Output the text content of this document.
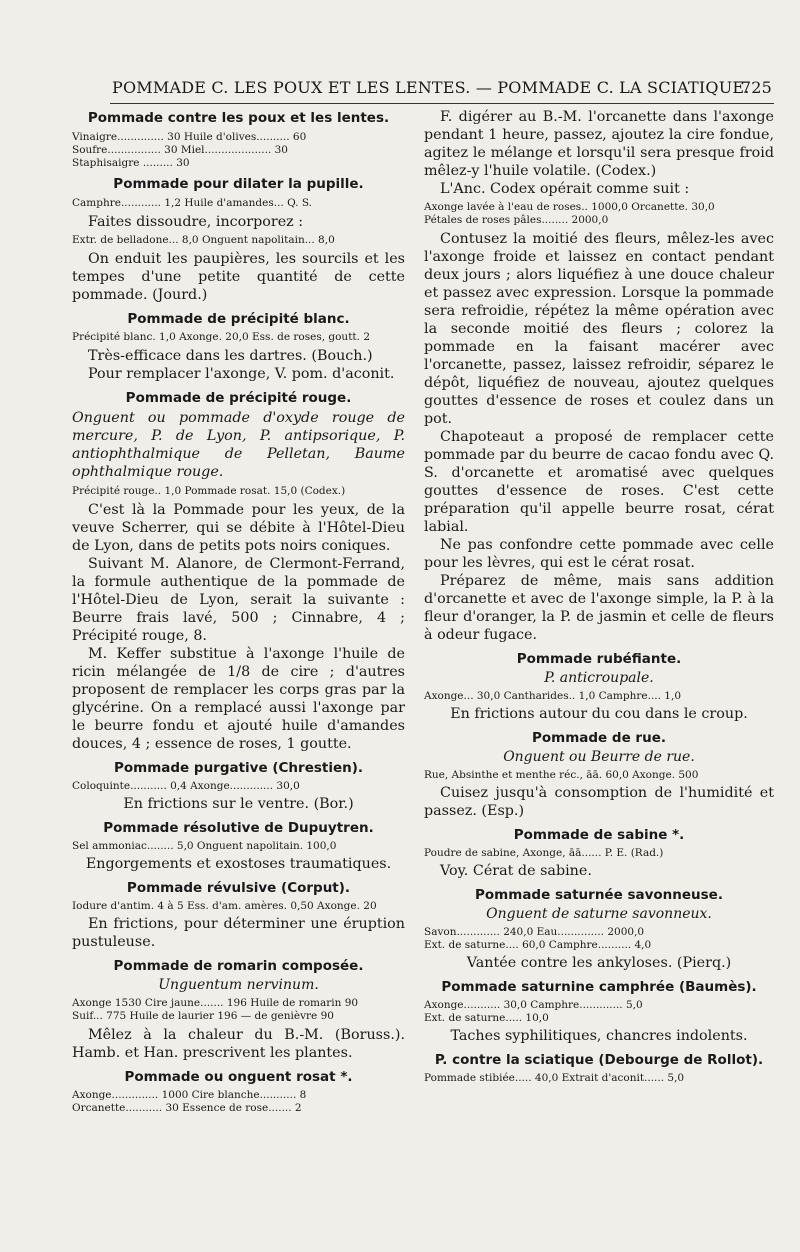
POMMADE C. LES POUX ET LES LENTES. — POMMADE C. LA SCIATIQUE.
725

Pommade contre les poux et les lentes.

Vinaigre.............. 30 Huile d'olives.......... 60

Soufre................ 30 Miel.................... 30

Staphisaigre ......... 30

Pommade pour dilater la pupille.

Camphre............ 1,2 Huile d'amandes... Q. S.

Faites dissoudre, incorporez :

Extr. de belladone... 8,0 Onguent napolitain... 8,0

On enduit les paupières, les sourcils et les tempes d'une petite quantité de cette pommade. (Jourd.)

Pommade de précipité blanc.

Précipité blanc. 1,0 Axonge. 20,0 Ess. de roses, goutt. 2

Très-efficace dans les dartres. (Bouch.)

Pour remplacer l'axonge, V. pom. d'aconit.

Pommade de précipité rouge.

Onguent ou pommade d'oxyde rouge de mercure, P. de Lyon, P. antipsorique, P. antiophthalmique de Pelletan, Baume ophthalmique rouge.

Précipité rouge.. 1,0 Pommade rosat. 15,0 (Codex.)

C'est là la Pommade pour les yeux, de la veuve Scherrer, qui se débite à l'Hôtel-Dieu de Lyon, dans de petits pots noirs coniques.

Suivant M. Alanore, de Clermont-Ferrand, la formule authentique de la pommade de l'Hôtel-Dieu de Lyon, serait la suivante : Beurre frais lavé, 500 ; Cinnabre, 4 ; Précipité rouge, 8.

M. Keffer substitue à l'axonge l'huile de ricin mélangée de 1/8 de cire ; d'autres proposent de remplacer les corps gras par la glycérine. On a remplacé aussi l'axonge par le beurre fondu et ajouté huile d'amandes douces, 4 ; essence de roses, 1 goutte.

Pommade purgative (Chrestien).

Coloquinte........... 0,4 Axonge............. 30,0

En frictions sur le ventre. (Bor.)

Pommade résolutive de Dupuytren.

Sel ammoniac........ 5,0 Onguent napolitain. 100,0

Engorgements et exostoses traumatiques.

Pommade révulsive (Corput).

Iodure d'antim. 4 à 5 Ess. d'am. amères. 0,50 Axonge. 20

En frictions, pour déterminer une éruption pustuleuse.

Pommade de romarin composée.

Unguentum nervinum.

Axonge 1530 Cire jaune....... 196 Huile de romarin 90

Suif... 775 Huile de laurier 196 — de genièvre 90

Mêlez à la chaleur du B.-M. (Boruss.). Hamb. et Han. prescrivent les plantes.

Pommade ou onguent rosat *.

Axonge.............. 1000 Cire blanche........... 8

Orcanette........... 30 Essence de rose....... 2

F. digérer au B.-M. l'orcanette dans l'axonge pendant 1 heure, passez, ajoutez la cire fondue, agitez le mélange et lorsqu'il sera presque froid mêlez-y l'huile volatile. (Codex.)

L'Anc. Codex opérait comme suit :

Axonge lavée à l'eau de roses.. 1000,0 Orcanette. 30,0

Pétales de roses pâles........ 2000,0

Contusez la moitié des fleurs, mêlez-les avec l'axonge froide et laissez en contact pendant deux jours ; alors liquéfiez à une douce chaleur et passez avec expression. Lorsque la pommade sera refroidie, répétez la même opération avec la seconde moitié des fleurs ; colorez la pommade en la faisant macérer avec l'orcanette, passez, laissez refroidir, séparez le dépôt, liquéfiez de nouveau, ajoutez quelques gouttes d'essence de roses et coulez dans un pot.

Chapoteaut a proposé de remplacer cette pommade par du beurre de cacao fondu avec Q. S. d'orcanette et aromatisé avec quelques gouttes d'essence de roses. C'est cette préparation qu'il appelle beurre rosat, cérat labial.

Ne pas confondre cette pommade avec celle pour les lèvres, qui est le cérat rosat.

Préparez de même, mais sans addition d'orcanette et avec de l'axonge simple, la P. à la fleur d'oranger, la P. de jasmin et celle de fleurs à odeur fugace.

Pommade rubéfiante.

P. anticroupale.

Axonge... 30,0 Cantharides.. 1,0 Camphre.... 1,0

En frictions autour du cou dans le croup.

Pommade de rue.

Onguent ou Beurre de rue.

Rue, Absinthe et menthe réc., āā. 60,0 Axonge. 500

Cuisez jusqu'à consomption de l'humidité et passez. (Esp.)

Pommade de sabine *.

Poudre de sabine, Axonge, āā...... P. E. (Rad.)

Voy. Cérat de sabine.

Pommade saturnée savonneuse.

Onguent de saturne savonneux.

Savon............. 240,0 Eau.............. 2000,0

Ext. de saturne.... 60,0 Camphre.......... 4,0

Vantée contre les ankyloses. (Pierq.)

Pommade saturnine camphrée (Baumès).

Axonge........... 30,0 Camphre............. 5,0

Ext. de saturne..... 10,0

Taches syphilitiques, chancres indolents.

P. contre la sciatique (Debourge de Rollot).

Pommade stibiée..... 40,0 Extrait d'aconit...... 5,0
